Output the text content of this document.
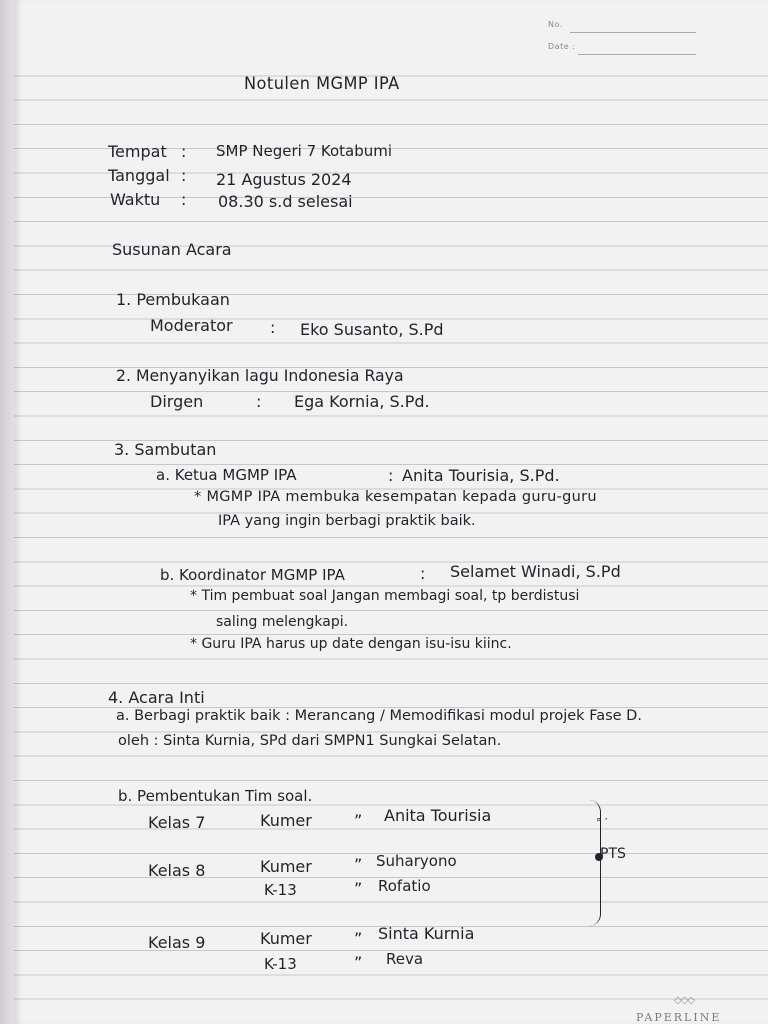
No.
Date :
Notulen MGMP IPA
Tempat : SMP Negeri 7 Kotabumi
Tanggal : 21 Agustus 2024
Waktu : 08.30 s.d selesai
Susunan Acara
1. Pembukaan
Moderator : Eko Susanto, S.Pd
2. Menyanyikan lagu Indonesia Raya
Dirgen	: Ega Kornia, S.Pd.
3. Sambutan
a. Ketua MGMP IPA	: Anita Tourisia, S.Pd.
* MGMP IPA membuka kesempatan kepada guru-guru
IPA yang ingin berbagi praktik baik.
b. Koordinator MGMP IPA	: Selamet Winadi, S.Pd
* Tim pembuat soal Jangan membagi soal, tp berdistusi
saling melengkapi.
* Guru IPA harus up date dengan isu-isu kiinc.
4. Acara Inti
a. Berbagi praktik baik : Merancang / Memodifikasi modul projek Fase D.
oleh : Sinta Kurnia, SPd dari SMPN1 Sungkai Selatan.
b. Pembentukan Tim soal.
Kelas 7	Kumer	” Anita Tourisia
Kelas 8	Kumer	” Suharyono
K-13	” Rofatio
Kelas 9	Kumer	” Sinta Kurnia
K-13	” Reva
° ′
PTS
◇◇◇
PAPERLINE
